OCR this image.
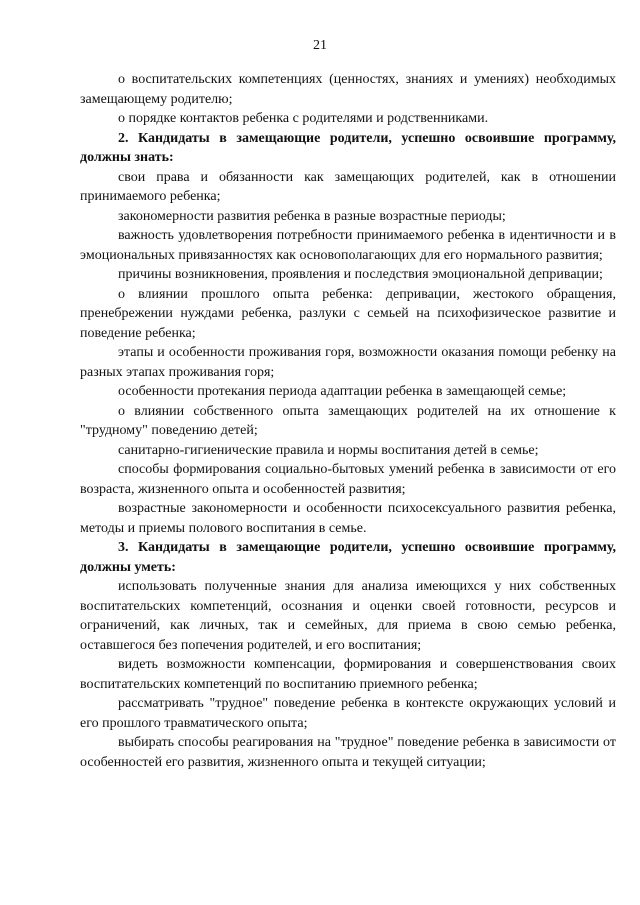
21

о воспитательских компетенциях (ценностях, знаниях и умениях) необходимых замещающему родителю;

о порядке контактов ребенка с родителями и родственниками.

2. Кандидаты в замещающие родители, успешно освоившие программу, должны знать:

свои права и обязанности как замещающих родителей, как в отношении принимаемого ребенка;

закономерности развития ребенка в разные возрастные периоды;

важность удовлетворения потребности принимаемого ребенка в идентичности и в эмоциональных привязанностях как основополагающих для его нормального развития;

причины возникновения, проявления и последствия эмоциональной депривации;

о влиянии прошлого опыта ребенка: депривации, жестокого обращения, пренебрежении нуждами ребенка, разлуки с семьей на психофизическое развитие и поведение ребенка;

этапы и особенности проживания горя, возможности оказания помощи ребенку на разных этапах проживания горя;

особенности протекания периода адаптации ребенка в замещающей семье;

о влиянии собственного опыта замещающих родителей на их отношение к "трудному" поведению детей;

санитарно-гигиенические правила и нормы воспитания детей в семье;

способы формирования социально-бытовых умений ребенка в зависимости от его возраста, жизненного опыта и особенностей развития;

возрастные закономерности и особенности психосексуального развития ребенка, методы и приемы полового воспитания в семье.

3. Кандидаты в замещающие родители, успешно освоившие программу, должны уметь:

использовать полученные знания для анализа имеющихся у них собственных воспитательских компетенций, осознания и оценки своей готовности, ресурсов и ограничений, как личных, так и семейных, для приема в свою семью ребенка, оставшегося без попечения родителей, и его воспитания;

видеть возможности компенсации, формирования и совершенствования своих воспитательских компетенций по воспитанию приемного ребенка;

рассматривать "трудное" поведение ребенка в контексте окружающих условий и его прошлого травматического опыта;

выбирать способы реагирования на "трудное" поведение ребенка в зависимости от особенностей его развития, жизненного опыта и текущей ситуации;
